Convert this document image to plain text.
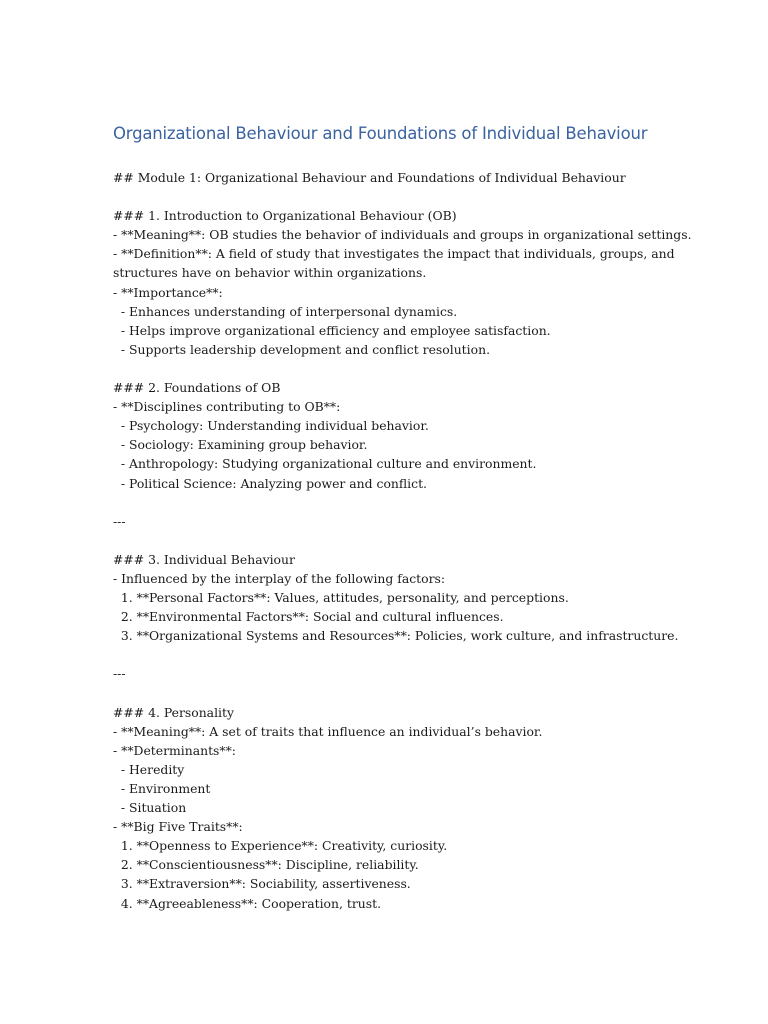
Organizational Behaviour and Foundations of Individual Behaviour
## Module 1: Organizational Behaviour and Foundations of Individual Behaviour
### 1. Introduction to Organizational Behaviour (OB)
- **Meaning**: OB studies the behavior of individuals and groups in organizational settings.
- **Definition**: A field of study that investigates the impact that individuals, groups, and
structures have on behavior within organizations.
- **Importance**:
- Enhances understanding of interpersonal dynamics.
- Helps improve organizational efficiency and employee satisfaction.
- Supports leadership development and conflict resolution.
### 2. Foundations of OB
- **Disciplines contributing to OB**:
- Psychology: Understanding individual behavior.
- Sociology: Examining group behavior.
- Anthropology: Studying organizational culture and environment.
- Political Science: Analyzing power and conflict.
---
### 3. Individual Behaviour
- Influenced by the interplay of the following factors:
1. **Personal Factors**: Values, attitudes, personality, and perceptions.
2. **Environmental Factors**: Social and cultural influences.
3. **Organizational Systems and Resources**: Policies, work culture, and infrastructure.
---
### 4. Personality
- **Meaning**: A set of traits that influence an individual’s behavior.
- **Determinants**:
- Heredity
- Environment
- Situation
- **Big Five Traits**:
1. **Openness to Experience**: Creativity, curiosity.
2. **Conscientiousness**: Discipline, reliability.
3. **Extraversion**: Sociability, assertiveness.
4. **Agreeableness**: Cooperation, trust.
